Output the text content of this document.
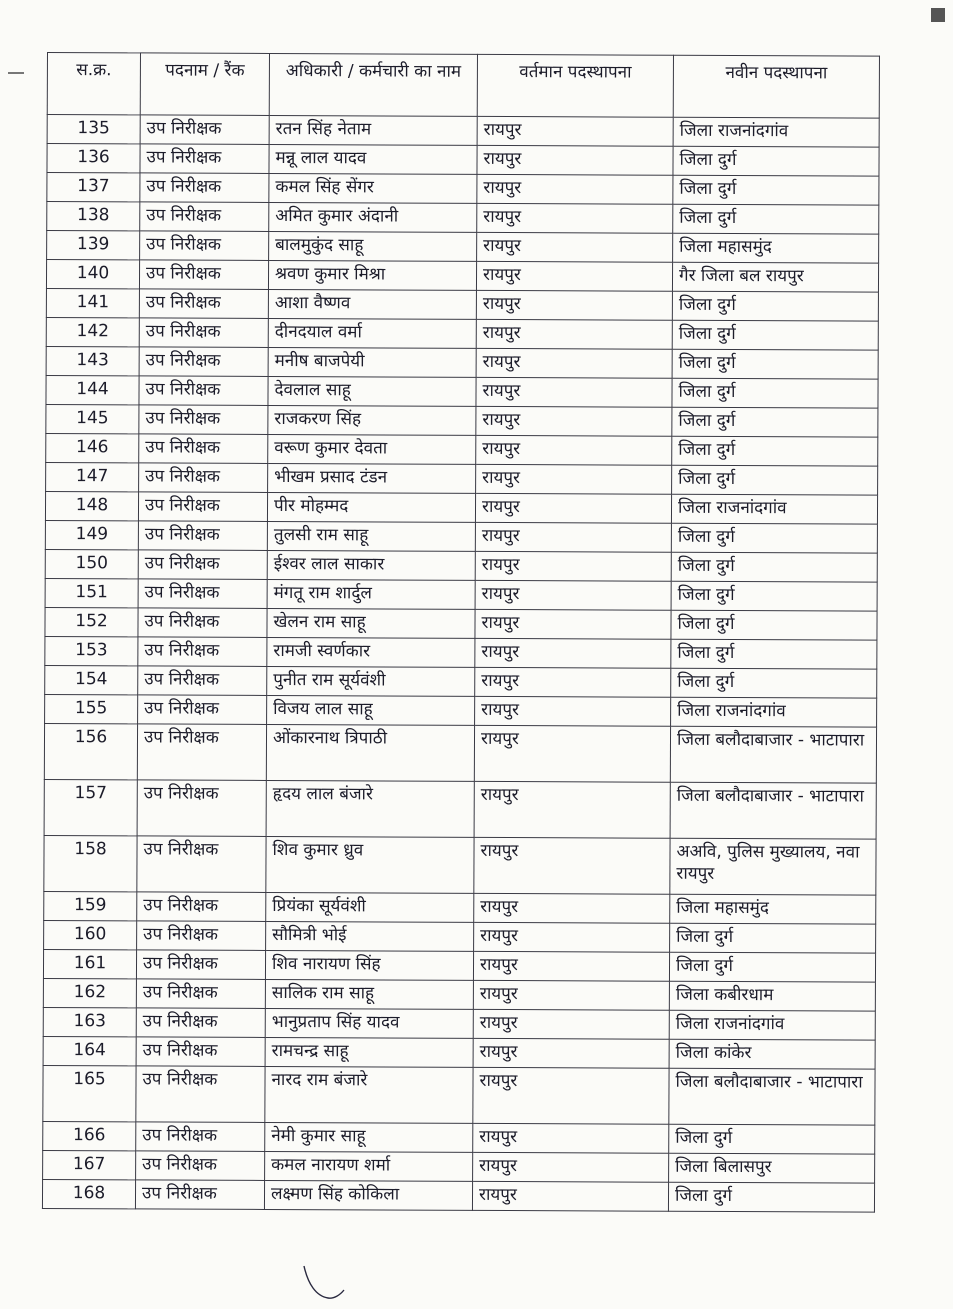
स.क्र.	पदनाम / रैंक	अधिकारी / कर्मचारी का नाम	वर्तमान पदस्थापना	नवीन पदस्थापना
135	उप निरीक्षक	रतन सिंह नेताम	रायपुर	जिला राजनांदगांव
136	उप निरीक्षक	मन्नू लाल यादव	रायपुर	जिला दुर्ग
137	उप निरीक्षक	कमल सिंह सेंगर	रायपुर	जिला दुर्ग
138	उप निरीक्षक	अमित कुमार अंदानी	रायपुर	जिला दुर्ग
139	उप निरीक्षक	बालमुकुंद साहू	रायपुर	जिला महासमुंद
140	उप निरीक्षक	श्रवण कुमार मिश्रा	रायपुर	गैर जिला बल रायपुर
141	उप निरीक्षक	आशा वैष्णव	रायपुर	जिला दुर्ग
142	उप निरीक्षक	दीनदयाल वर्मा	रायपुर	जिला दुर्ग
143	उप निरीक्षक	मनीष बाजपेयी	रायपुर	जिला दुर्ग
144	उप निरीक्षक	देवलाल साहू	रायपुर	जिला दुर्ग
145	उप निरीक्षक	राजकरण सिंह	रायपुर	जिला दुर्ग
146	उप निरीक्षक	वरूण कुमार देवता	रायपुर	जिला दुर्ग
147	उप निरीक्षक	भीखम प्रसाद टंडन	रायपुर	जिला दुर्ग
148	उप निरीक्षक	पीर मोहम्मद	रायपुर	जिला राजनांदगांव
149	उप निरीक्षक	तुलसी राम साहू	रायपुर	जिला दुर्ग
150	उप निरीक्षक	ईश्वर लाल साकार	रायपुर	जिला दुर्ग
151	उप निरीक्षक	मंगतू राम शार्दुल	रायपुर	जिला दुर्ग
152	उप निरीक्षक	खेलन राम साहू	रायपुर	जिला दुर्ग
153	उप निरीक्षक	रामजी स्वर्णकार	रायपुर	जिला दुर्ग
154	उप निरीक्षक	पुनीत राम सूर्यवंशी	रायपुर	जिला दुर्ग
155	उप निरीक्षक	विजय लाल साहू	रायपुर	जिला राजनांदगांव
156	उप निरीक्षक	ओंकारनाथ त्रिपाठी	रायपुर	जिला बलौदाबाजार - भाटापारा
157	उप निरीक्षक	हृदय लाल बंजारे	रायपुर	जिला बलौदाबाजार - भाटापारा
158	उप निरीक्षक	शिव कुमार ध्रुव	रायपुर	अअवि, पुलिस मुख्यालय, नवा रायपुर
159	उप निरीक्षक	प्रियंका सूर्यवंशी	रायपुर	जिला महासमुंद
160	उप निरीक्षक	सौमित्री भोई	रायपुर	जिला दुर्ग
161	उप निरीक्षक	शिव नारायण सिंह	रायपुर	जिला दुर्ग
162	उप निरीक्षक	सालिक राम साहू	रायपुर	जिला कबीरधाम
163	उप निरीक्षक	भानुप्रताप सिंह यादव	रायपुर	जिला राजनांदगांव
164	उप निरीक्षक	रामचन्द्र साहू	रायपुर	जिला कांकेर
165	उप निरीक्षक	नारद राम बंजारे	रायपुर	जिला बलौदाबाजार - भाटापारा
166	उप निरीक्षक	नेमी कुमार साहू	रायपुर	जिला दुर्ग
167	उप निरीक्षक	कमल नारायण शर्मा	रायपुर	जिला बिलासपुर
168	उप निरीक्षक	लक्ष्मण सिंह कोकिला	रायपुर	जिला दुर्ग
